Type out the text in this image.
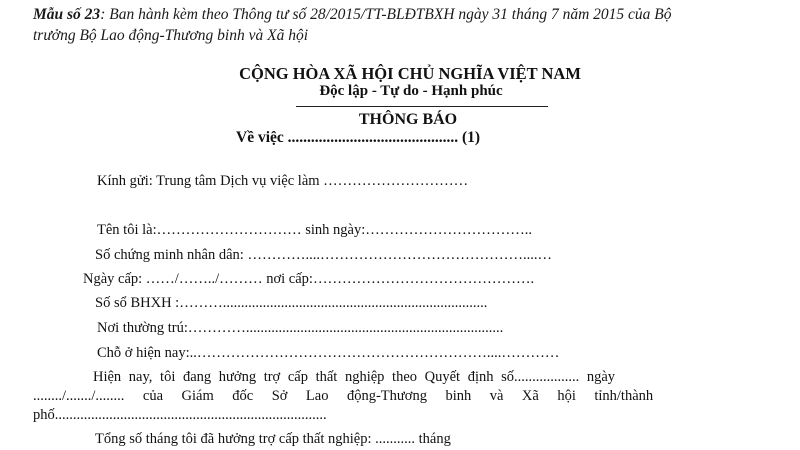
Mẫu số 23: Ban hành kèm theo Thông tư số 28/2015/TT-BLĐTBXH ngày 31 tháng 7 năm 2015 của Bộ
trưởng Bộ Lao động-Thương binh và Xã hội
CỘNG HÒA XÃ HỘI CHỦ NGHĨA VIỆT NAM
Độc lập - Tự do - Hạnh phúc
THÔNG BÁO
Về việc ............................................ (1)
Kính gửi: Trung tâm Dịch vụ việc làm …………………………
Tên tôi là:………………………… sinh ngày:……………………………..
Số chứng minh nhân dân: …………....……………………………………....…
Ngày cấp: ……/……../……… nơi cấp:……………………………………….
Số sổ BHXH :……….........................................................................
Nơi thường trú:………….......................................................................
Chỗ ở hiện nay:..……………………………………………………....…………
Hiện nay, tôi đang hưởng trợ cấp thất nghiệp theo Quyết định số.................. ngày
......../......./........    của    Giám    đốc    Sở    Lao    động-Thương    binh    và    Xã    hội    tỉnh/thành
phố...........................................................................
Tổng số tháng tôi đã hưởng trợ cấp thất nghiệp: ........... tháng
